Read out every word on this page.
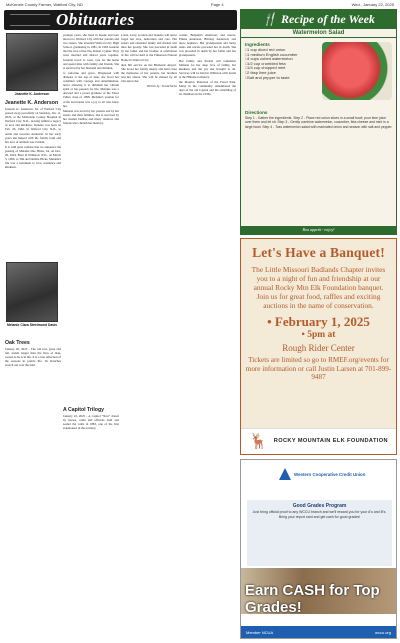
McKenzie County Farmer, Watford City, ND	Page 4	Wed., January 22, 2025
Obituaries
Jeanette K. Anderson
Jeanette K. Anderson

Jeanette K. Anderson, 62, of Watford City passed away peacefully on Saturday, Jan. 11, 2025, at the McKenzie County Hospital in Watford City, N.D., leaving behind a legacy of love and kindness. Jeanette was born on Feb. 20, 1962, in Watford City, N.D., to Arnie and Lucretia Anderson. In her early years she helped with the family farm and her love of animals was evident.

It is with great sadness that we announce the passing of Melanie Dee Hicks, 44, on Dec. 29, 2024. Born in Williston, N.D., on March 3, 1980, to Tim and Debbie Hicks, Melanie's life was a testament to love, resilience and kindness.

Melanie Clara Steelmond Davis
Oak Trees

January 20, 2025 - The old tree, great and tall, stands longer than the lives of man, rooted as he is in life. It is a true reflection of the seasons in prairie life. Its branches stretch out over the land.

younger years, she lived in Keene and later moved to Watford City with her parents and two sisters. She attended Watford City High School, graduating in 1981. In 1983 Jeanette met the love of her life, Robert Cypher. They were married and shared years together. Jeanette loved to cook, care for the home and spend time with family and friends. She is survived by her husband and children.

to welcome and grace. Diagnosed with diabetes at the age of nine, she faced her condition with courage and determination, never allowing it to diminish her vibrant spirit or her passion for life. Melanie was a devoted and a proud graduate of the Three Tribes class of 1998. Melanie's passion for crafts and nature was a joy to all who knew her.

Melanie was loved by her parents and by her sisters and their families. She is survived by her mother Debbie and many relatives and friends who cherish her memory.

A Capitol Trilogy

January 22, 2025 - A Capitol "Nest" drawn by horses, cattle and officials built and sealed the walls in 1883, one of the first statehouses in the territory.

Louis, Larry, Gordon and Jeanette will never forget her love, dedication and care. Her sisters and extended family and friends will miss her greatly. She was preceded in death by her father and her brother. A celebration of life will be held at the Fulkerson Funeral Home in Watford City.

dian hill service on the Bismarck Airport. She loved her family deeply and held close the memories of her parents, her brothers and her sisters. She will be missed by all who knew her.

Written by: Jerald Weiss

cousin, Benjamin Anderson; and nieces, Emma Anderson, Brittany Anderson; and niece nephews. Her grandparents and many aunts and uncles preceded her in death. She was preceded in death by her father and her grandparents.

Her family and friends will remember Melanie for her deep love of family, her kindness and the joy she brought to all. Services will be held in Williston with burial at the Hillside Cemetery.

the Maurice Patterson of the Forest Park. Many in the community remembered the days of the old Capitol and the rebuilding of its chambers in the 1930s.

🍴 Recipe of the Week
Watermelon Salad
Ingredients
□ 1 cup diced red onion
□ 1 medium English cucumber
□ 4 cups cubed watermelon
□ 1/2 cup crumbled feta
□ 1/4 cup chopped mint
□ 2 tbsp lime juice
□ Salt and pepper to taste
Directions

Step 1 - Gather the ingredients. Step 2 - Place red onion slices in a small bowl; pour lime juice over them and let sit. Step 3 - Gently combine watermelon, cucumber, feta cheese and mint in a large bowl. Step 4 - Toss watermelon salad with marinated onion and season with salt and pepper.

Bon appetit - enjoy!
Let's Have a Banquet!
The Little Missouri Badlands Chapter invites you to a night of fun and friendship at our annual Rocky Mtn Elk Foundation banquet. Join us for great food, raffles and exciting auctions in the name of conservation.
• February 1, 2025
• 5pm at
Rough Rider Center
Tickets are limited so go to RMEF.org/events for more information or call Justin Larsen at 701-899-9487
🦌 ROCKY MOUNTAIN ELK FOUNDATION
Western Cooperative Credit Union
Good Grades Program

Just bring official proof to any WCCU branch and we'll reward you for your A's and B's. Bring your report card and get cash for good grades!

Earn CASH for Top Grades!
Member NCUA	wccu.org
